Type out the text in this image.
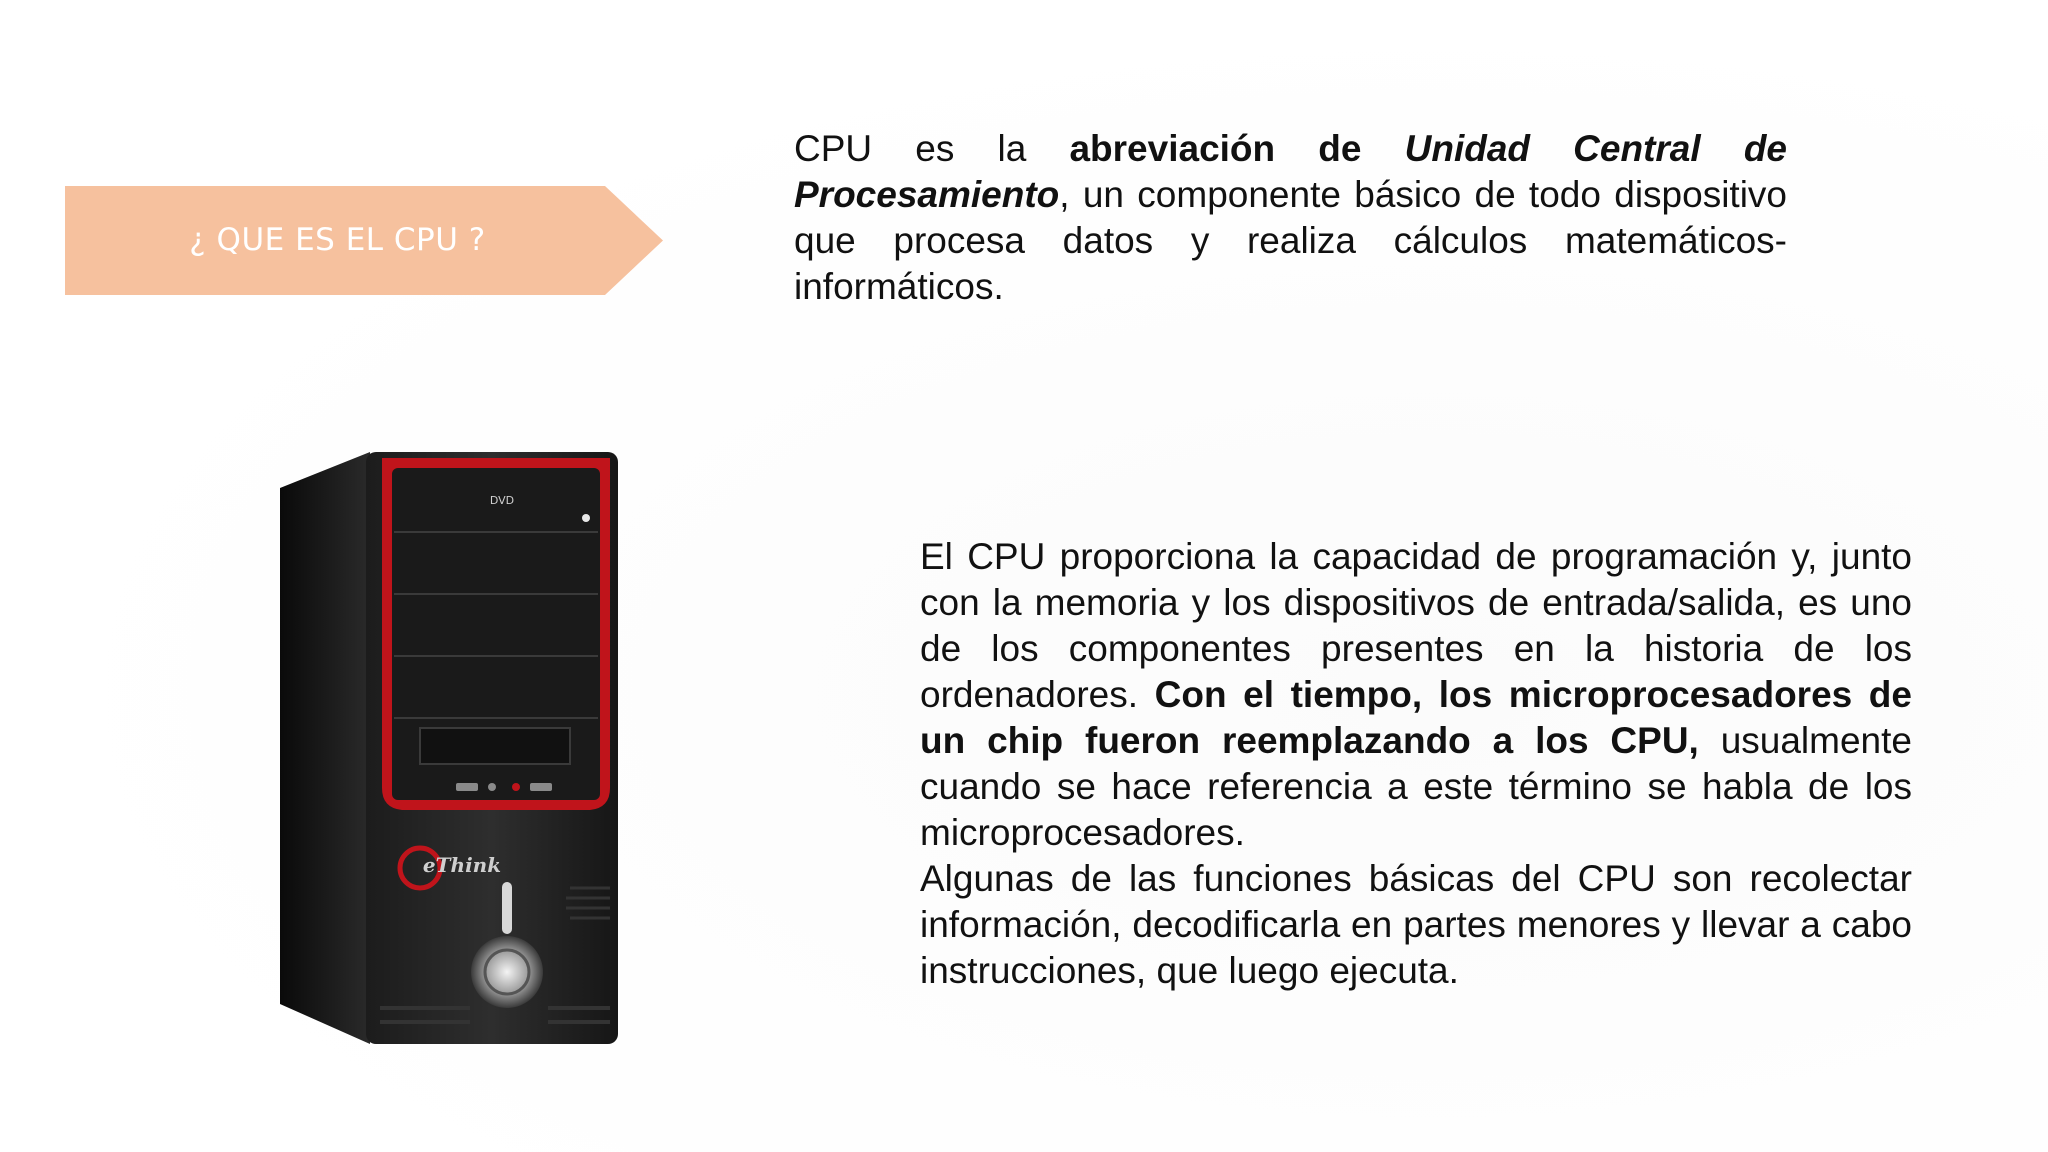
¿ QUE ES EL CPU ?
CPU es la abreviación de Unidad Central de Procesamiento, un componente básico de todo dispositivo que procesa datos y realiza cálculos matemáticos-informáticos.
El CPU proporciona la capacidad de programación y, junto con la memoria y los dispositivos de entrada/salida, es uno de los componentes presentes en la historia de los ordenadores. Con el tiempo, los microprocesadores de un chip fueron reemplazando a los CPU, usualmente cuando se hace referencia a este término se habla de los microprocesadores.
Algunas de las funciones básicas del CPU son recolectar información, decodificarla en partes menores y llevar a cabo instrucciones, que luego ejecuta.
DVD
eThink
